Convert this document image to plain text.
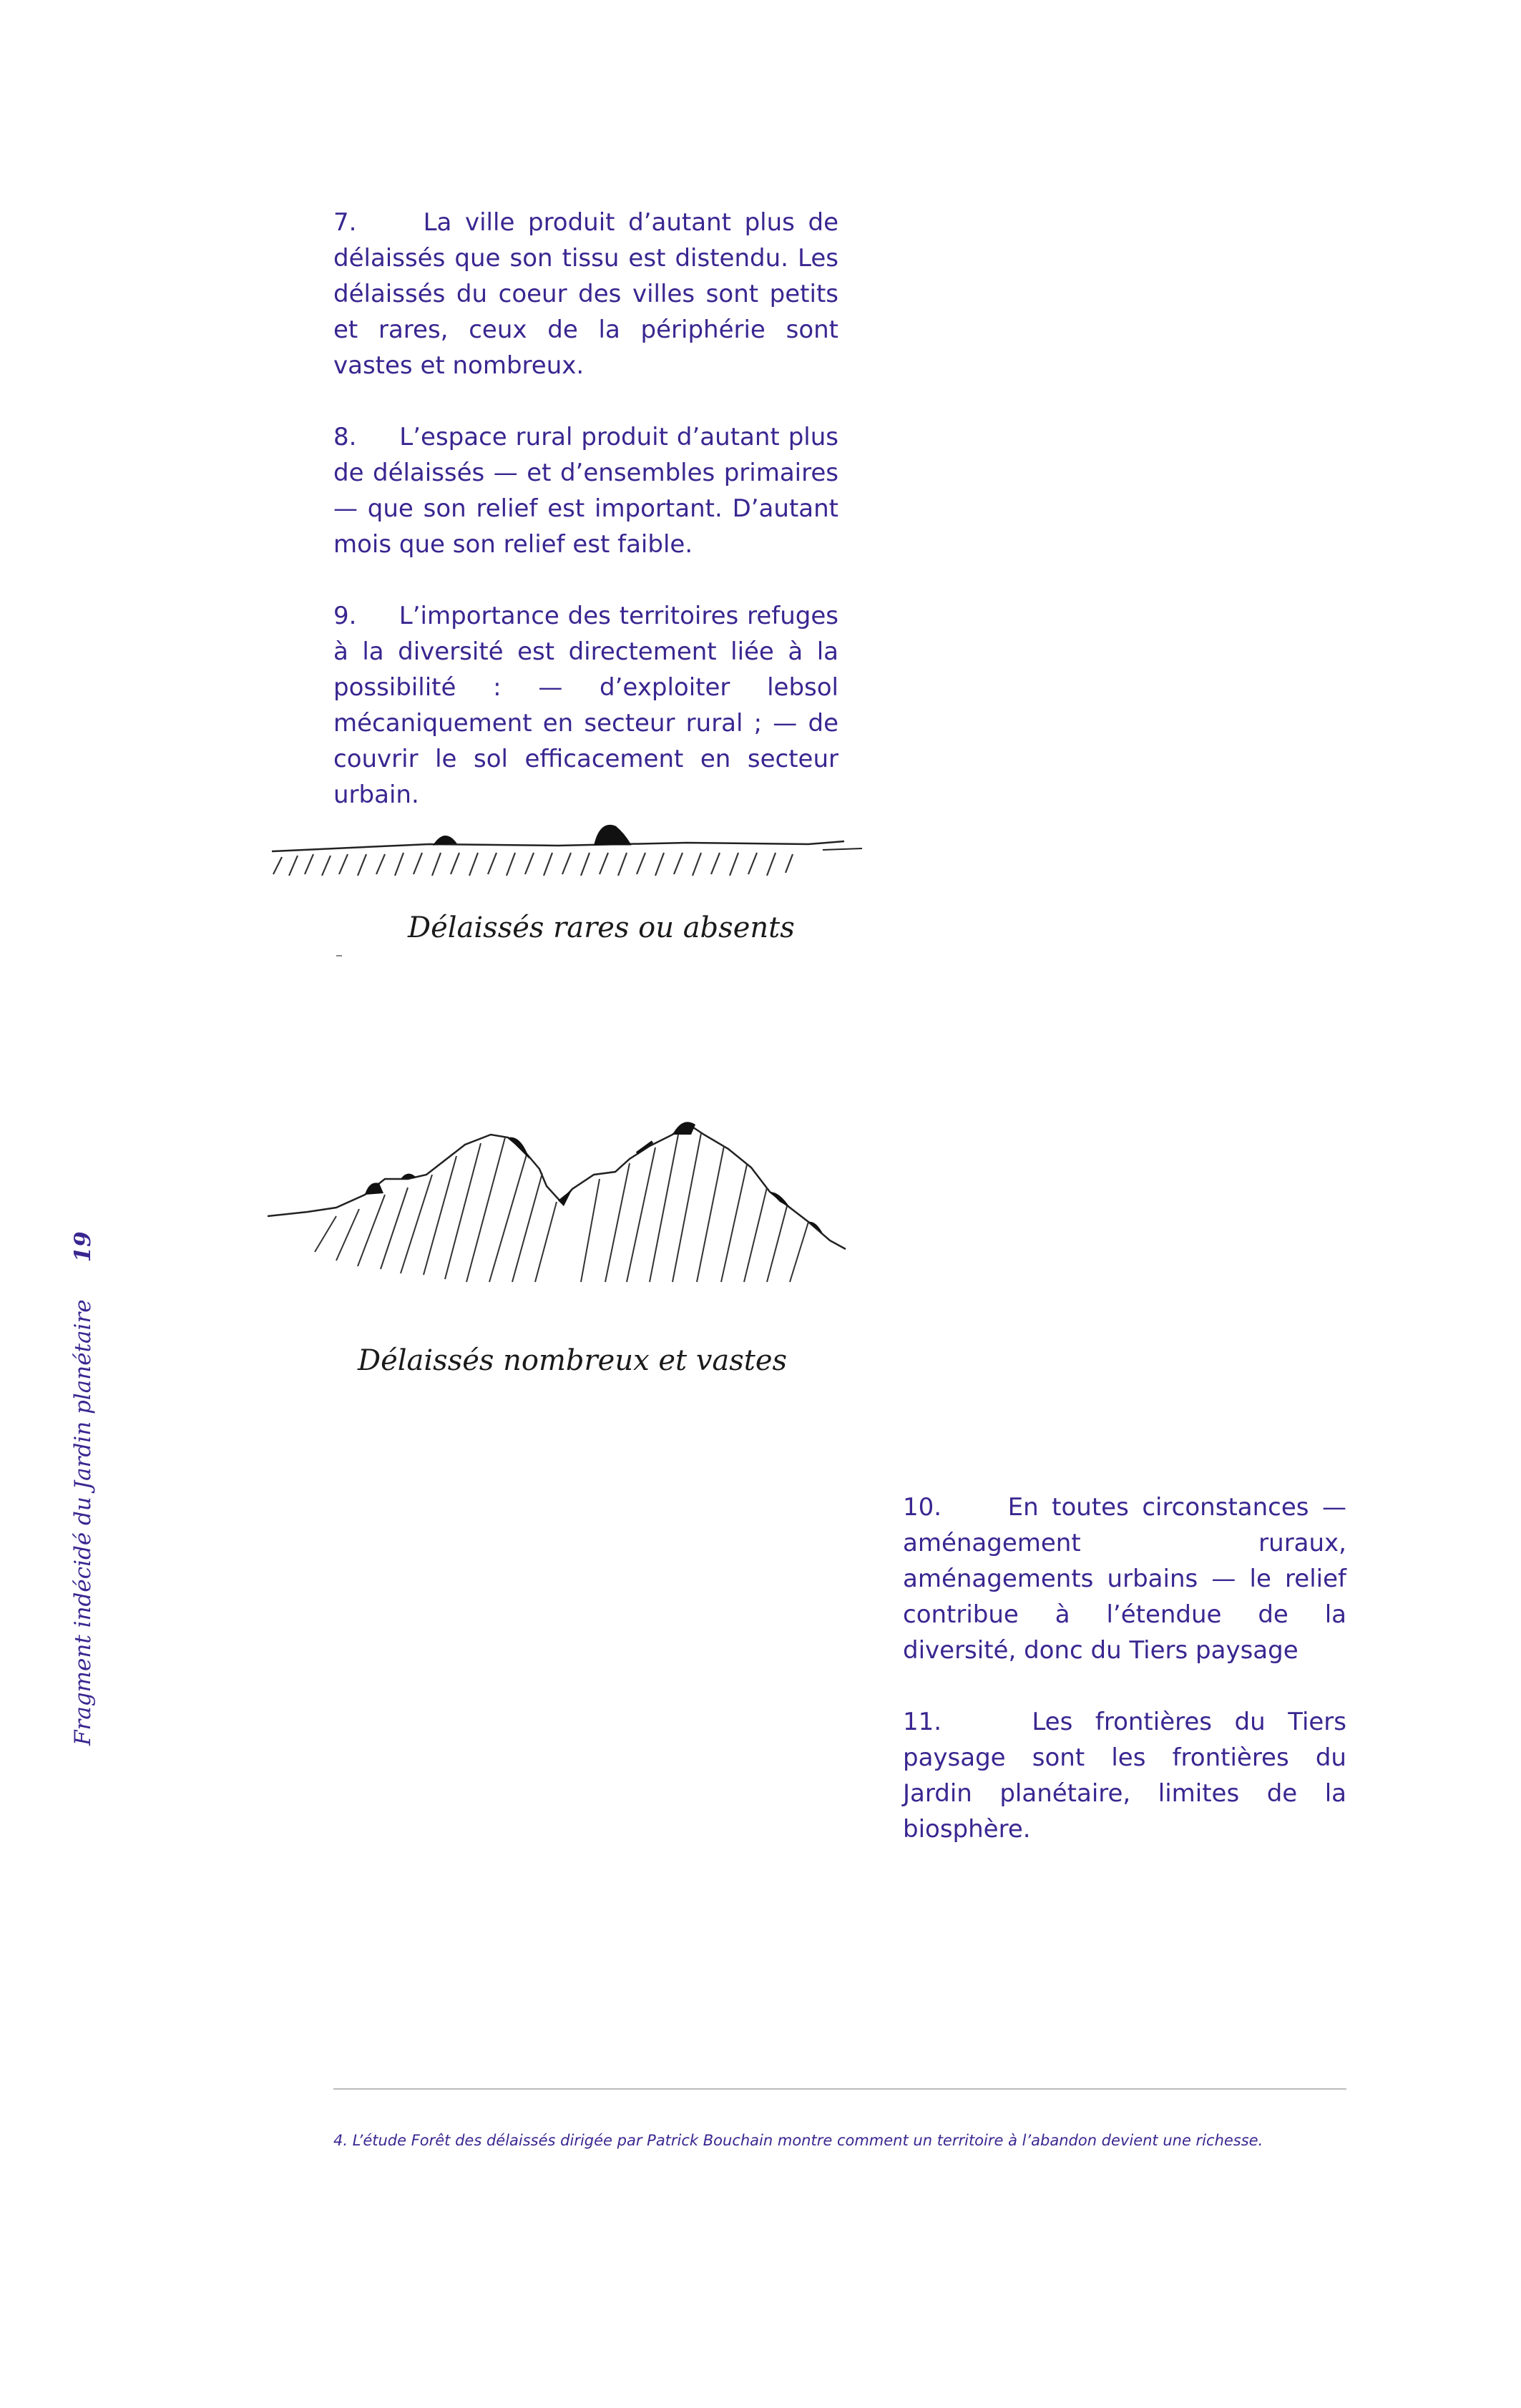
7.	La ville produit d’autant plus de délaissés que son tissu est distendu. Les délaissés du coeur des villes sont petits et rares, ceux de la périphérie sont vastes et nombreux.

8. L’espace rural produit d’autant plus de délaissés — et d’ensembles primaires — que son relief est important. D’autant mois que son relief est faible.

9. L’importance des territoires refuges à la diversité est directement liée à la possibilité : — d’exploiter lebsol mécaniquement en secteur rural ; — de couvrir le sol efficacement en secteur urbain.

Délaissés rares ou absents
Délaissés nombreux et vastes

10.	En toutes circonstances — aménagement ruraux, aménagements urbains — le relief contribue à l’étendue de la diversité, donc du Tiers paysage

11.	Les frontières du Tiers paysage sont les frontières du Jardin planétaire, limites de la biosphère.

Fragment indécidé du Jardin planétaire19
4. L’étude Forêt des délaissés dirigée par Patrick Bouchain montre comment un territoire à l’abandon devient une richesse.
